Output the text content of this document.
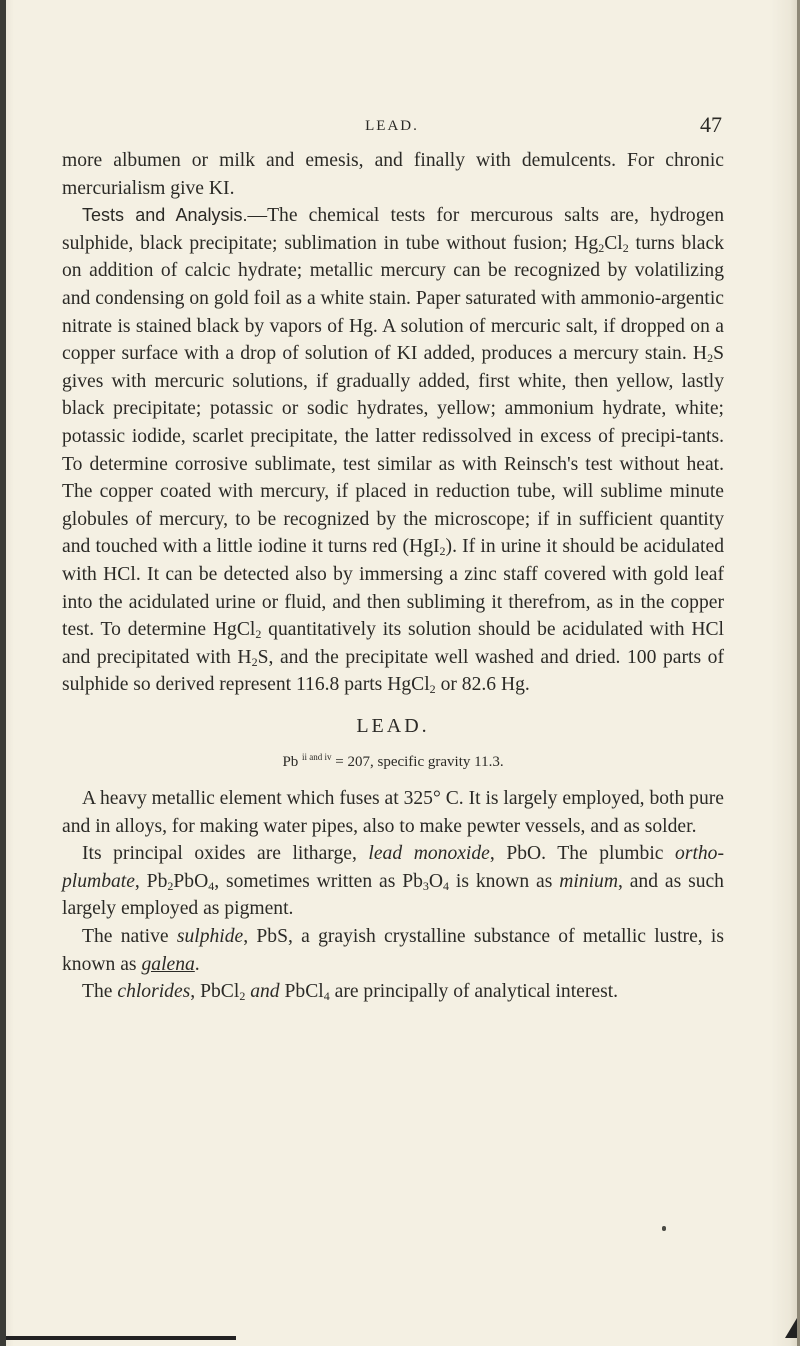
LEAD.	47

more albumen or milk and emesis, and finally with demulcents. For chronic mercurialism give KI.

Tests and Analysis.—The chemical tests for mercurous salts are, hydrogen sulphide, black precipitate; sublimation in tube without fusion; $Hg_2Cl_2$ turns black on addition of calcic hydrate; metallic mercury can be recognized by volatilizing and condensing on gold foil as a white stain. Paper saturated with ammonio-argentic nitrate is stained black by vapors of Hg. A solution of mercuric salt, if dropped on a copper surface with a drop of solution of KI added, produces a mercury stain. $H_2S$ gives with mercuric solutions, if gradually added, first white, then yellow, lastly black precipitate; potassic or sodic hydrates, yellow; ammonium hydrate, white; potassic iodide, scarlet precipitate, the latter redissolved in excess of precipi-tants. To determine corrosive sublimate, test similar as with Reinsch's test without heat. The copper coated with mercury, if placed in reduction tube, will sublime minute globules of mercury, to be recognized by the microscope; if in sufficient quantity and touched with a little iodine it turns red (HgI$_2$). If in urine it should be acidulated with HCl. It can be detected also by immersing a zinc staff covered with gold leaf into the acidulated urine or fluid, and then subliming it therefrom, as in the copper test. To determine HgCl$_2$ quantitatively its solution should be acidulated with HCl and precipitated with $H_2S$, and the precipitate well washed and dried. 100 parts of sulphide so derived represent 116.8 parts HgCl$_2$ or 82.6 Hg.

LEAD.
Pb $^{ii and iv}$ = 207, specific gravity 11.3.

A heavy metallic element which fuses at 325° C. It is largely employed, both pure and in alloys, for making water pipes, also to make pewter vessels, and as solder.

Its principal oxides are litharge, lead monoxide, PbO. The plumbic ortho-plumbate, $Pb_2PbO_4$, sometimes written as $Pb_3O_4$ is known as minium, and as such largely employed as pigment.

The native sulphide, PbS, a grayish crystalline substance of metallic lustre, is known as galena.

The chlorides, PbCl$_2$ and PbCl$_4$ are principally of analytical interest.
